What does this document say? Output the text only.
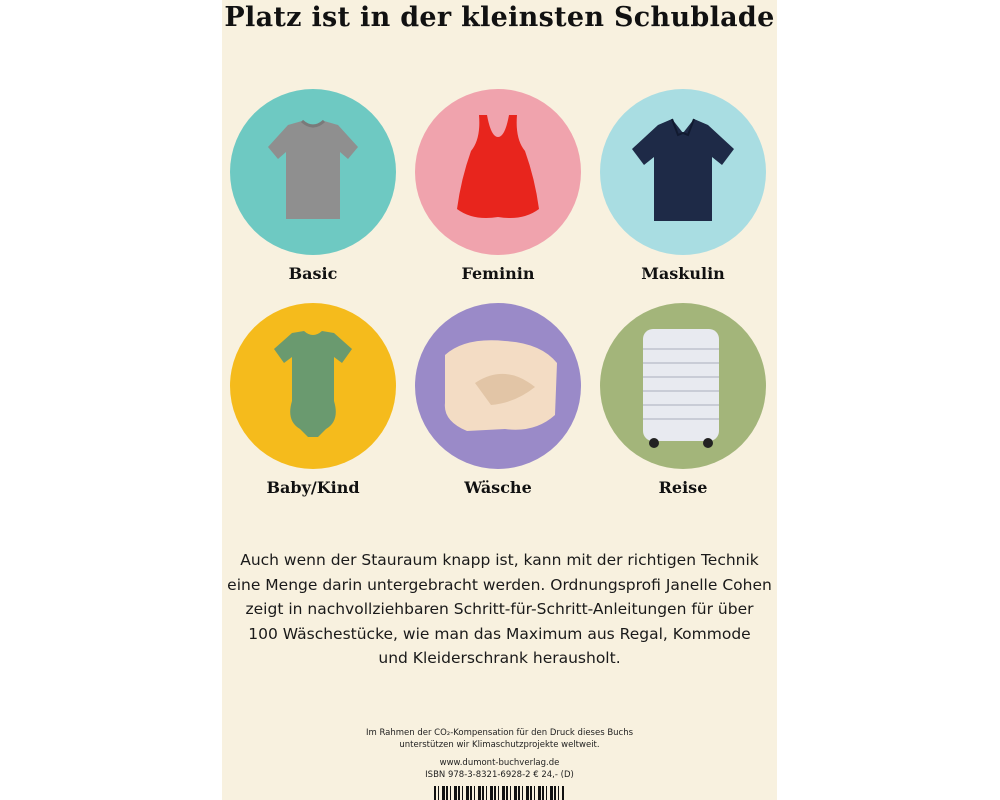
Platz ist in der kleinsten Schublade
Basic	Feminin	Maskulin
Baby/Kind	Wäsche	Reise
Auch wenn der Stauraum knapp ist, kann mit der richtigen Technik
eine Menge darin untergebracht werden. Ordnungsprofi Janelle Cohen
zeigt in nachvollziehbaren Schritt-für-Schritt-Anleitungen für über
100 Wäschestücke, wie man das Maximum aus Regal, Kommode
und Kleiderschrank herausholt.
Im Rahmen der CO₂-Kompensation für den Druck dieses Buchs
unterstützen wir Klimaschutzprojekte weltweit.
www.dumont-buchverlag.de
ISBN 978-3-8321-6928-2 € 24,- (D)
